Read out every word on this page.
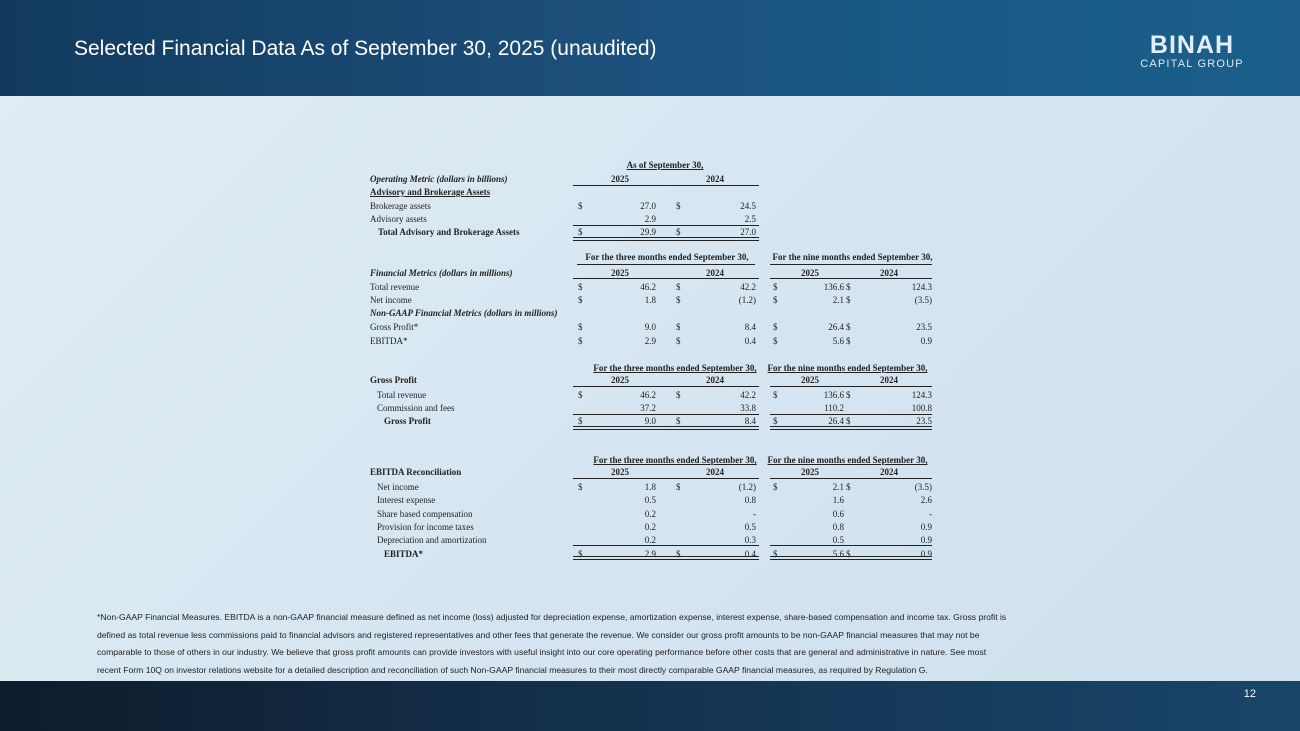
Selected Financial Data As of September 30, 2025 (unaudited)	BINAH
CAPITAL GROUP
As of September 30,
Operating Metric (dollars in billions)	2025	2024
Advisory and Brokerage Assets
Brokerage assets	$	27.0 $	24.5
Advisory assets	2.9	2.5
Total Advisory and Brokerage Assets	$	29.9 $	27.0
For the three months ended September 30,	For the nine months ended September 30,
Financial Metrics (dollars in millions)	2025	2024	2025	2024
Total revenue	$	46.2 $	42.2 $	136.6 $	124.3
Net income	$	1.8 $	(1.2) $	2.1 $	(3.5)
Non-GAAP Financial Metrics (dollars in millions)
Gross Profit*	$	9.0 $	8.4 $	26.4 $	23.5
EBITDA*	$	2.9 $	0.4 $	5.6 $	0.9
For the three months ended September 30,	For the nine months ended September 30,
Gross Profit	2025	2024	2025	2024
Total revenue	$	46.2 $	42.2 $	136.6 $	124.3
Commission and fees	37.2	33.8	110.2	100.8
Gross Profit	$	9.0 $	8.4 $	26.4 $	23.5
For the three months ended September 30,	For the nine months ended September 30,
EBITDA Reconciliation	2025	2024	2025	2024
Net income	$	1.8 $	(1.2) $	2.1 $	(3.5)
Interest expense	0.5	0.8	1.6	2.6
Share based compensation	0.2	-	0.6	-
Provision for income taxes	0.2	0.5	0.8	0.9
Depreciation and amortization	0.2	0.3	0.5	0.9
EBITDA*	$	2.9 $	0.4 $	5.6 $	0.9
*Non-GAAP Financial Measures. EBITDA is a non-GAAP financial measure defined as net income (loss) adjusted for depreciation expense, amortization expense, interest expense, share-based compensation and income tax. Gross profit is
defined as total revenue less commissions paid to financial advisors and registered representatives and other fees that generate the revenue. We consider our gross profit amounts to be non-GAAP financial measures that may not be
comparable to those of others in our industry. We believe that gross profit amounts can provide investors with useful insight into our core operating performance before other costs that are general and administrative in nature. See most
recent Form 10Q on investor relations website for a detailed description and reconciliation of such Non-GAAP financial measures to their most directly comparable GAAP financial measures, as required by Regulation G.
12
